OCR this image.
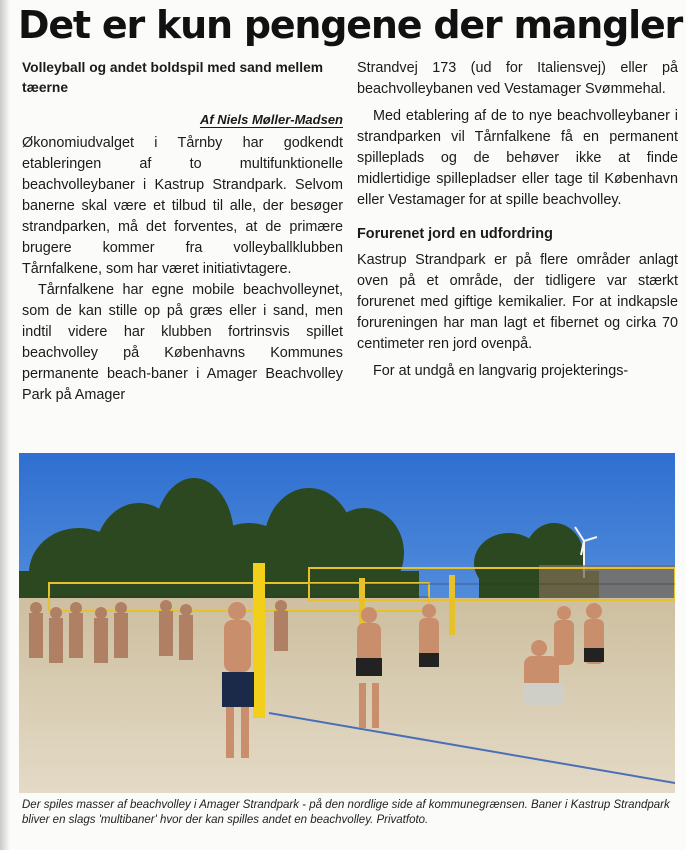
Det er kun pengene der mangler

Volleyball og andet boldspil med sand mellem tæerne

Af Niels Møller-Madsen

Økonomiudvalget i Tårnby har godkendt etableringen af to multifunktionelle beachvolleybaner i Kastrup Strandpark. Selvom banerne skal være et tilbud til alle, der besøger strandparken, må det forventes, at de primære brugere kommer fra volleyballklubben Tårnfalkene, som har været initiativtagere.

Tårnfalkene har egne mobile beachvolleynet, som de kan stille op på græs eller i sand, men indtil videre har klubben fortrinsvis spillet beachvolley på Københavns Kommunes permanente beach-baner i Amager Beachvolley Park på Amager

Strandvej 173 (ud for Italiensvej) eller på beachvolleybanen ved Vestamager Svømmehal.

Med etablering af de to nye beachvolleybaner i strandparken vil Tårnfalkene få en permanent spilleplads og de behøver ikke at finde midlertidige spillepladser eller tage til København eller Vestamager for at spille beachvolley.

Forurenet jord en udfordring

Kastrup Strandpark er på flere områder anlagt oven på et område, der tidligere var stærkt forurenet med giftige kemikalier. For at indkapsle forureningen har man lagt et fibernet og cirka 70 centimeter ren jord ovenpå.

For at undgå en langvarig projekterings-

Der spiles masser af beachvolley i Amager Strandpark - på den nordlige side af kommunegrænsen. Baner i Kastrup Strandpark bliver en slags 'multibaner' hvor der kan spilles andet en beachvolley. Privatfoto.
